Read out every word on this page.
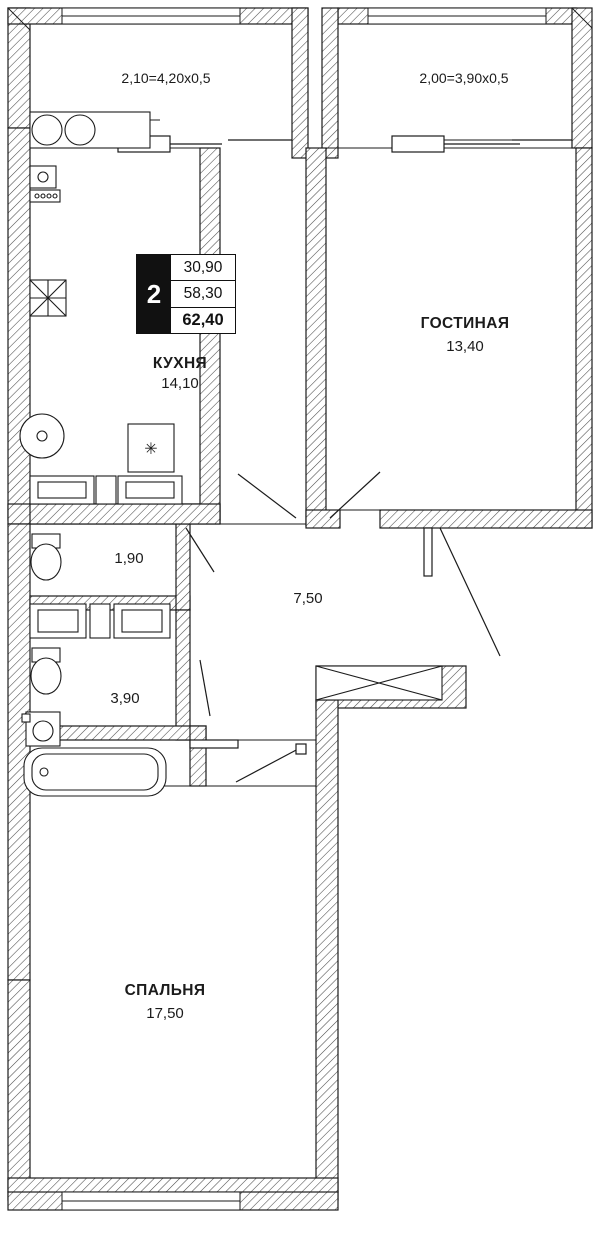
✳
2
30,90
58,30
62,40
2,10=4,20x0,5	2,00=3,90x0,5
КУХНЯ
14,10
ГОСТИНАЯ
13,40
СПАЛЬНЯ
17,50
1,90
3,90
7,50
